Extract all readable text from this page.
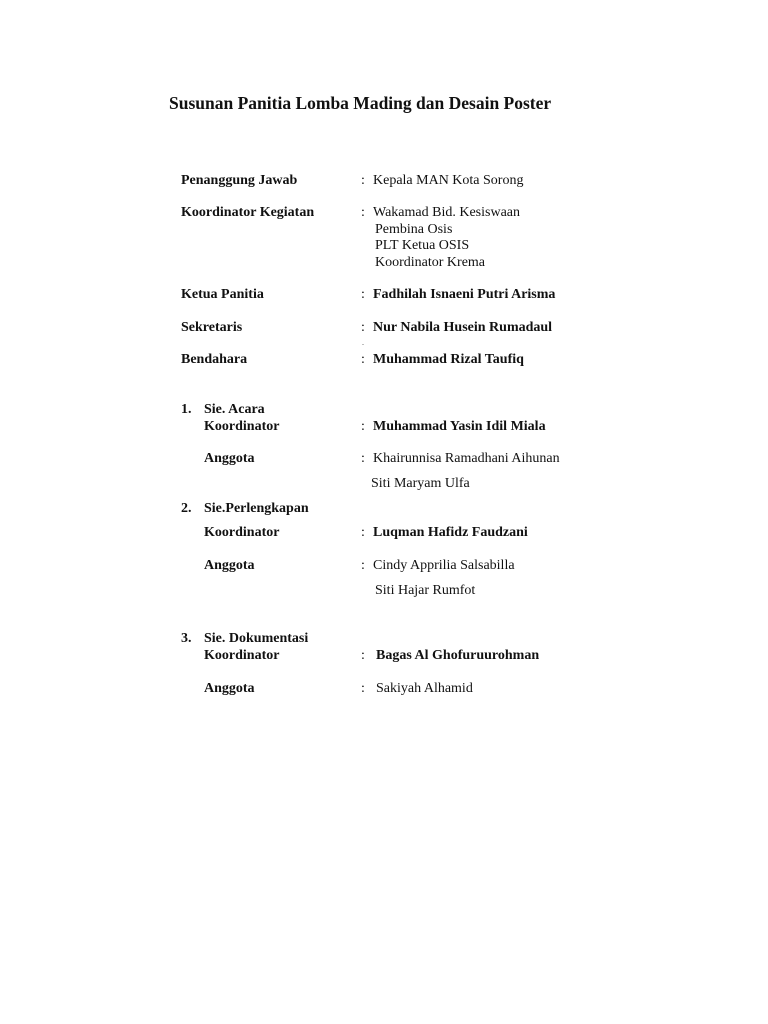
Susunan Panitia Lomba Mading dan Desain Poster
Penanggung Jawab	: Kepala MAN Kota Sorong
Koordinator Kegiatan	: Wakamad Bid. Kesiswaan
Pembina Osis
PLT Ketua OSIS
Koordinator Krema
Ketua Panitia	: Fadhilah Isnaeni Putri Arisma
Sekretaris	: Nur Nabila Husein Rumadaul
.
Bendahara	: Muhammad Rizal Taufiq
1. Sie. Acara
Koordinator	: Muhammad Yasin Idil Miala
Anggota	: Khairunnisa Ramadhani Aihunan
Siti Maryam Ulfa
2. Sie.Perlengkapan
Koordinator	: Luqman Hafidz Faudzani
Anggota	: Cindy Apprilia Salsabilla
Siti Hajar Rumfot
3. Sie. Dokumentasi
Koordinator	: Bagas Al Ghofuruurohman
Anggota	: Sakiyah Alhamid
